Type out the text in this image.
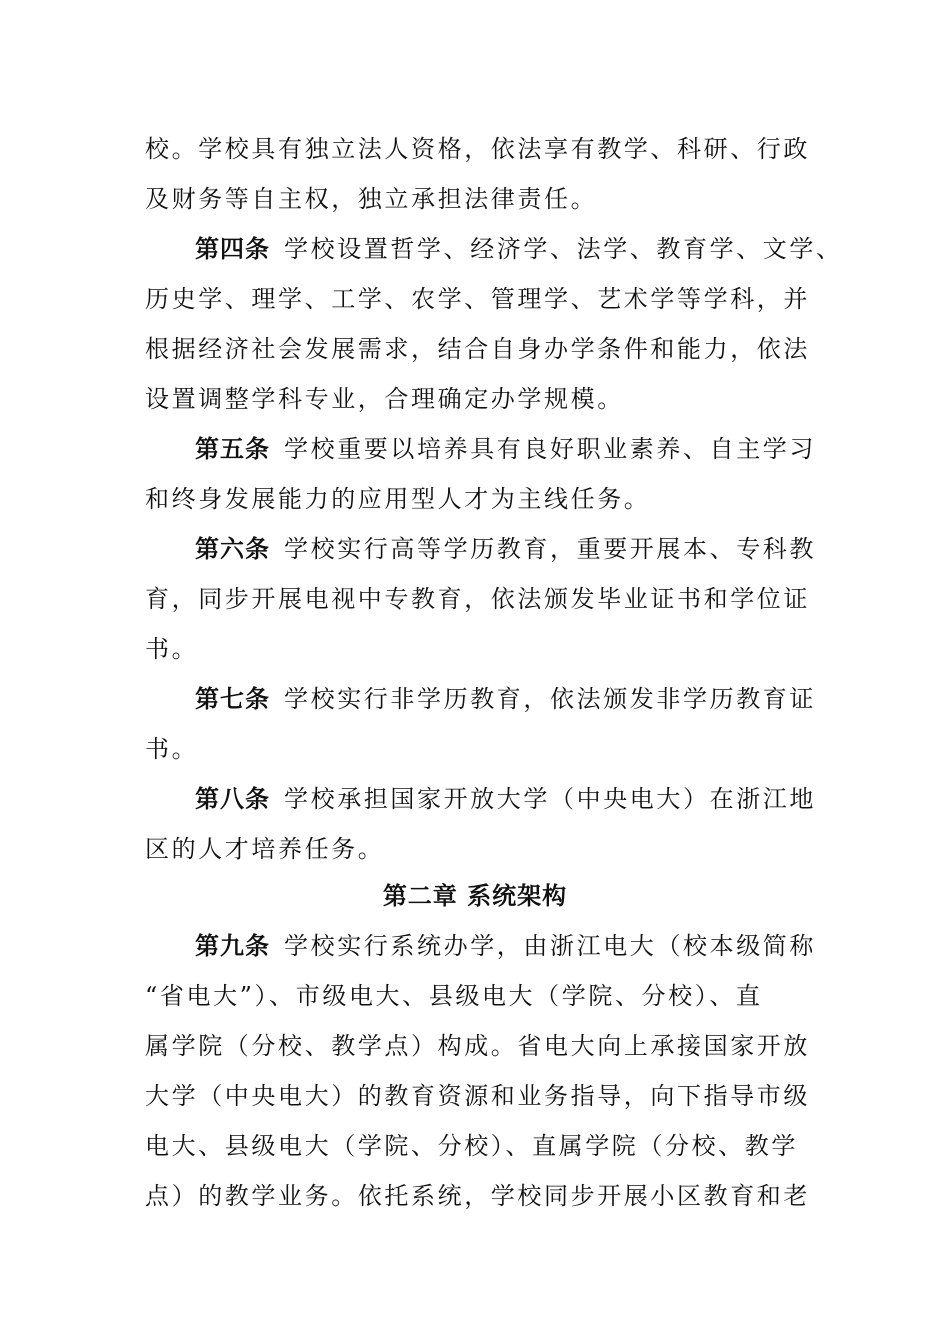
校。学校具有独立法人资格，依法享有教学、科研、行政
及财务等自主权，独立承担法律责任。
第四条 学校设置哲学、经济学、法学、教育学、文学、
历史学、理学、工学、农学、管理学、艺术学等学科，并
根据经济社会发展需求，结合自身办学条件和能力，依法
设置调整学科专业，合理确定办学规模。
第五条 学校重要以培养具有良好职业素养、自主学习
和终身发展能力的应用型人才为主线任务。
第六条 学校实行高等学历教育，重要开展本、专科教
育，同步开展电视中专教育，依法颁发毕业证书和学位证
书。
第七条 学校实行非学历教育，依法颁发非学历教育证
书。
第八条 学校承担国家开放大学（中央电大）在浙江地
区的人才培养任务。
第二章 系统架构
第九条 学校实行系统办学，由浙江电大（校本级简称
“省电大”）、市级电大、县级电大（学院、分校）、直
属学院（分校、教学点）构成。省电大向上承接国家开放
大学（中央电大）的教育资源和业务指导，向下指导市级
电大、县级电大（学院、分校）、直属学院（分校、教学
点）的教学业务。依托系统，学校同步开展小区教育和老
